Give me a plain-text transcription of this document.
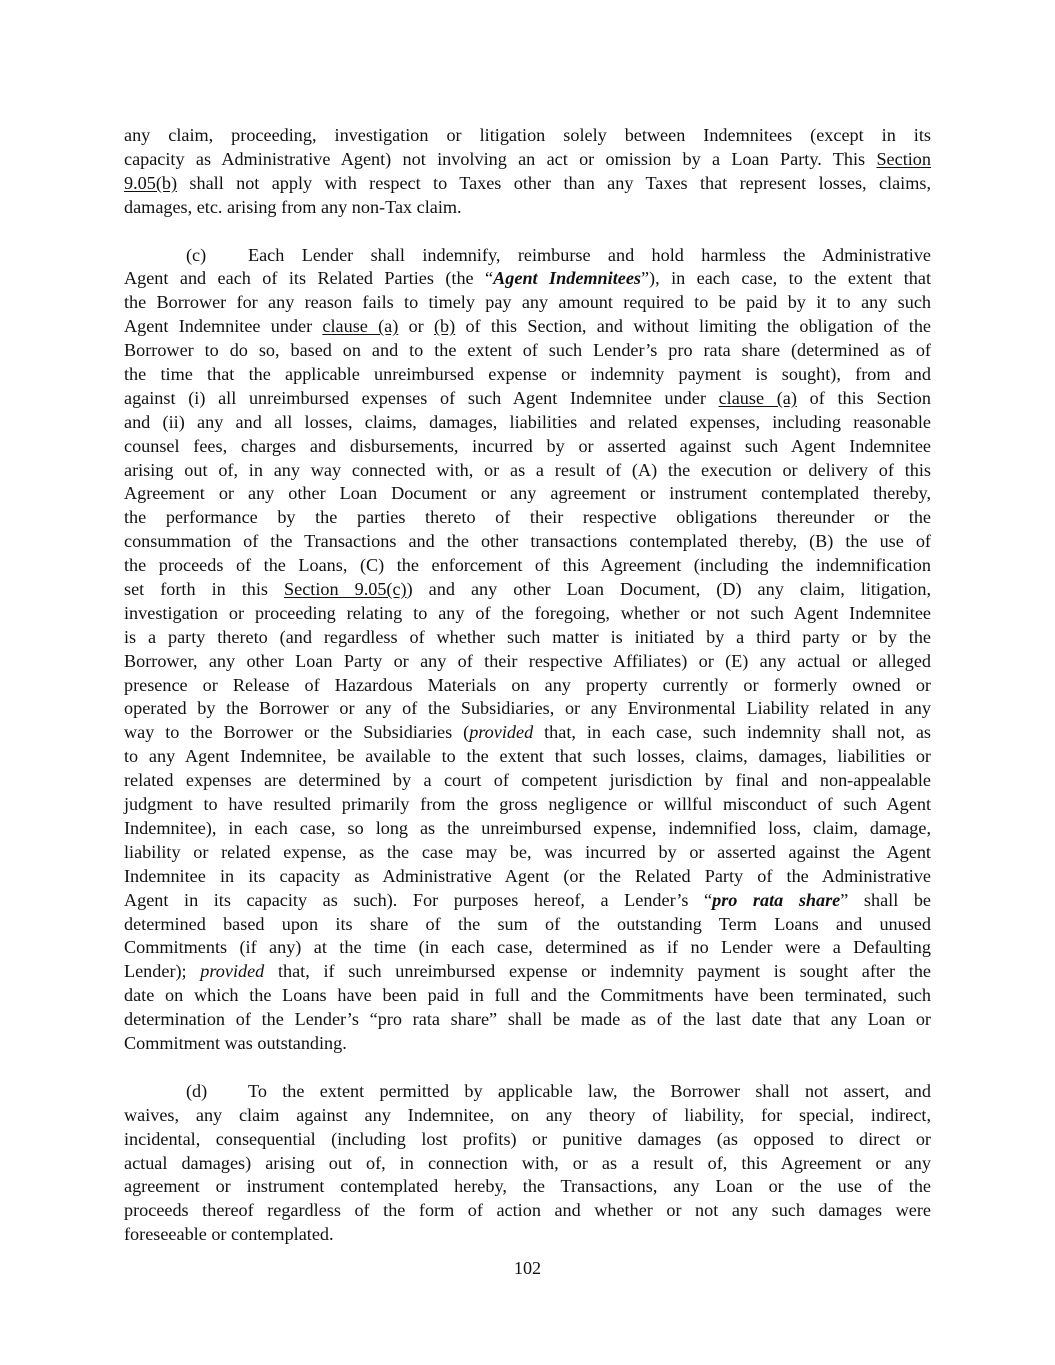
any claim, proceeding, investigation or litigation solely between Indemnitees (except in its
capacity as Administrative Agent) not involving an act or omission by a Loan Party. This Section
9.05(b) shall not apply with respect to Taxes other than any Taxes that represent losses, claims,
damages, etc. arising from any non-Tax claim.
(c) Each Lender shall indemnify, reimburse and hold harmless the Administrative
Agent and each of its Related Parties (the “Agent Indemnitees”), in each case, to the extent that
the Borrower for any reason fails to timely pay any amount required to be paid by it to any such
Agent Indemnitee under clause (a) or (b) of this Section, and without limiting the obligation of the
Borrower to do so, based on and to the extent of such Lender’s pro rata share (determined as of
the time that the applicable unreimbursed expense or indemnity payment is sought), from and
against (i) all unreimbursed expenses of such Agent Indemnitee under clause (a) of this Section
and (ii) any and all losses, claims, damages, liabilities and related expenses, including reasonable
counsel fees, charges and disbursements, incurred by or asserted against such Agent Indemnitee
arising out of, in any way connected with, or as a result of (A) the execution or delivery of this
Agreement or any other Loan Document or any agreement or instrument contemplated thereby,
the performance by the parties thereto of their respective obligations thereunder or the
consummation of the Transactions and the other transactions contemplated thereby, (B) the use of
the proceeds of the Loans, (C) the enforcement of this Agreement (including the indemnification
set forth in this Section 9.05(c)) and any other Loan Document, (D) any claim, litigation,
investigation or proceeding relating to any of the foregoing, whether or not such Agent Indemnitee
is a party thereto (and regardless of whether such matter is initiated by a third party or by the
Borrower, any other Loan Party or any of their respective Affiliates) or (E) any actual or alleged
presence or Release of Hazardous Materials on any property currently or formerly owned or
operated by the Borrower or any of the Subsidiaries, or any Environmental Liability related in any
way to the Borrower or the Subsidiaries (provided that, in each case, such indemnity shall not, as
to any Agent Indemnitee, be available to the extent that such losses, claims, damages, liabilities or
related expenses are determined by a court of competent jurisdiction by final and non-appealable
judgment to have resulted primarily from the gross negligence or willful misconduct of such Agent
Indemnitee), in each case, so long as the unreimbursed expense, indemnified loss, claim, damage,
liability or related expense, as the case may be, was incurred by or asserted against the Agent
Indemnitee in its capacity as Administrative Agent (or the Related Party of the Administrative
Agent in its capacity as such). For purposes hereof, a Lender’s “pro rata share” shall be
determined based upon its share of the sum of the outstanding Term Loans and unused
Commitments (if any) at the time (in each case, determined as if no Lender were a Defaulting
Lender); provided that, if such unreimbursed expense or indemnity payment is sought after the
date on which the Loans have been paid in full and the Commitments have been terminated, such
determination of the Lender’s “pro rata share” shall be made as of the last date that any Loan or
Commitment was outstanding.
(d) To the extent permitted by applicable law, the Borrower shall not assert, and
waives, any claim against any Indemnitee, on any theory of liability, for special, indirect,
incidental, consequential (including lost profits) or punitive damages (as opposed to direct or
actual damages) arising out of, in connection with, or as a result of, this Agreement or any
agreement or instrument contemplated hereby, the Transactions, any Loan or the use of the
proceeds thereof regardless of the form of action and whether or not any such damages were
foreseeable or contemplated.
102
